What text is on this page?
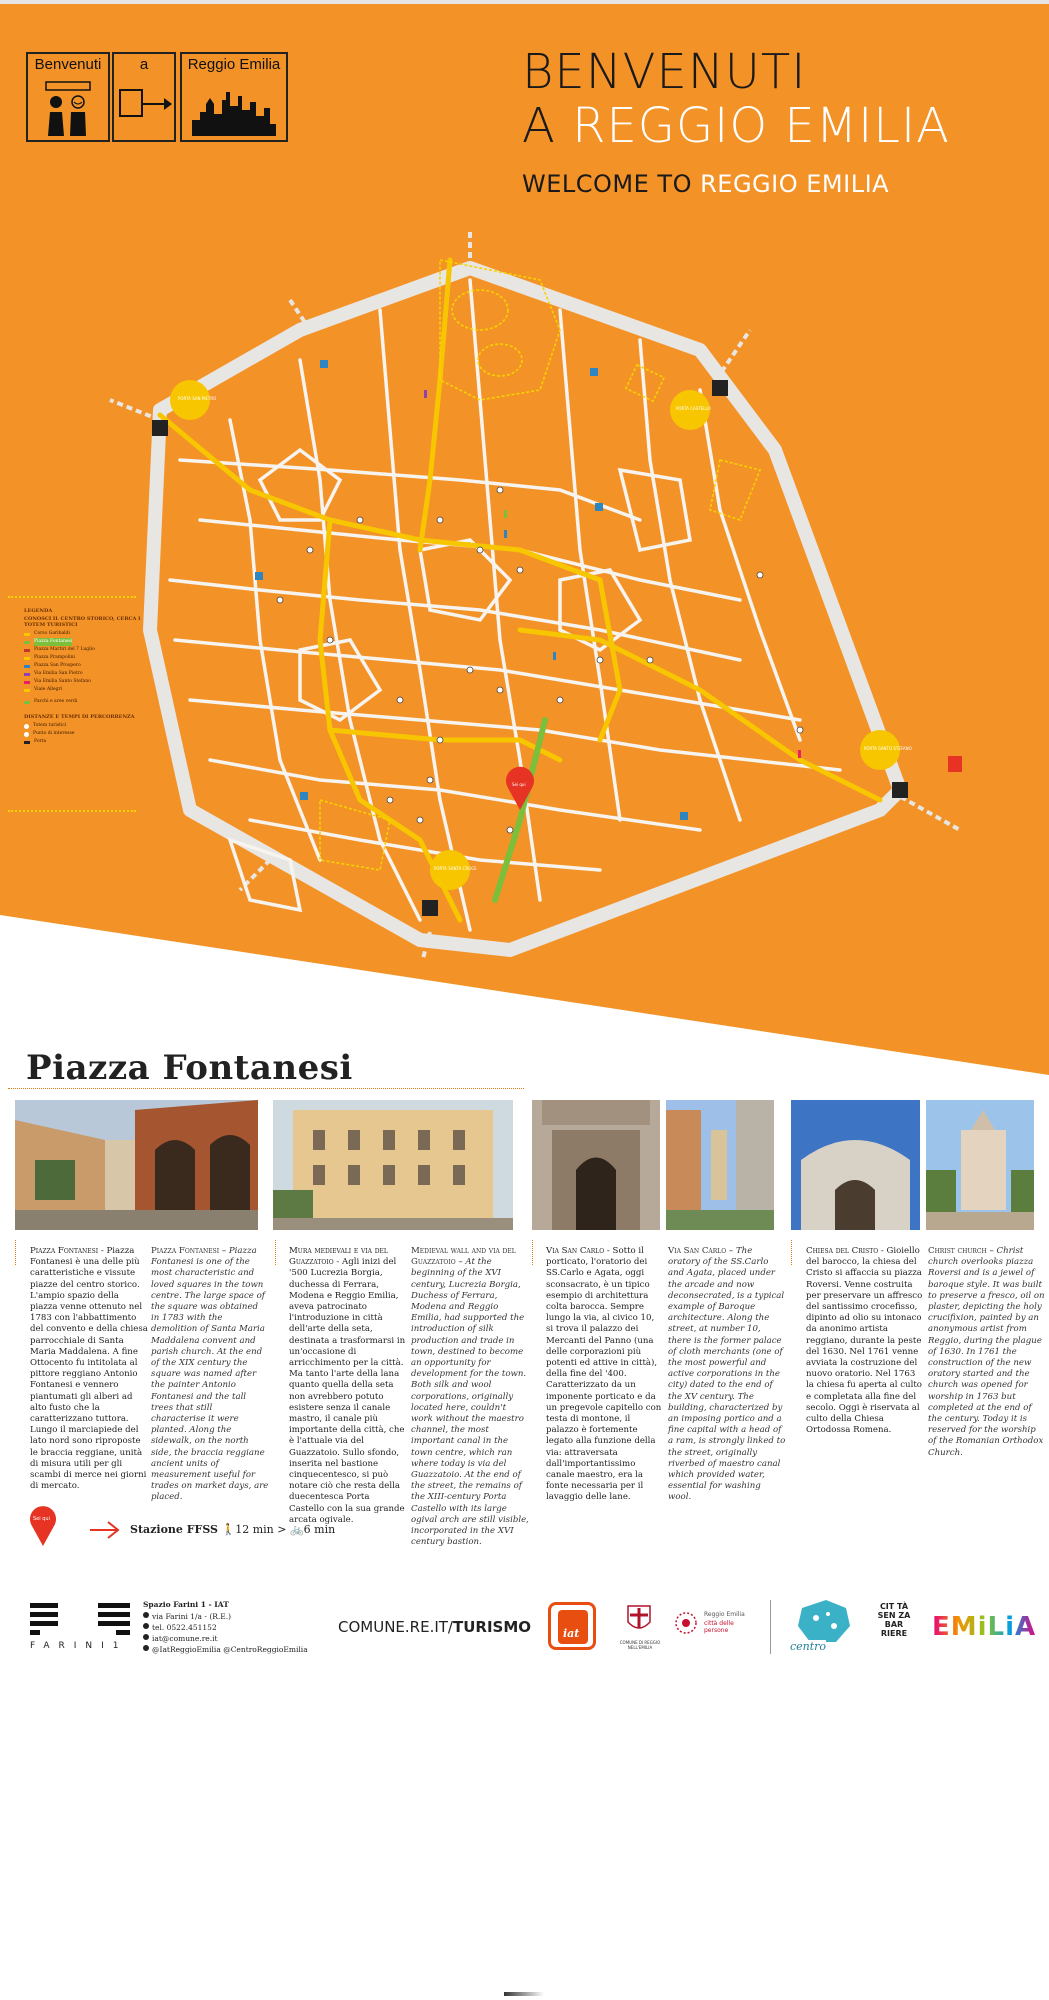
Benvenuti	a	Reggio Emilia	BENVENUTI
A REGGIO EMILIA
WELCOME TO REGGIO EMILIA
PORTA SAN PIETRO
PORTA CASTELLO
PORTA SANTO STEFANO
PORTA SANTA CROCE
Sei qui
LEGENDA
CONOSCI IL CENTRO STORICO, CERCA I TOTEM TURISTICI
Corso Garibaldi
Piazza Fontanesi
Piazza Martiri del 7 Luglio
Piazza Prampolini
Piazza San Prospero
Via Emilia San Pietro
Via Emilia Santo Stefano
Viale Allegri
Parchi e aree verdi
DISTANZE E TEMPI DI PERCORRENZA
Totem turistici
Punto di interesse
Porta
Piazza Fontanesi
Piazza Fontanesi - Piazza Fontanesi è una delle più caratteristiche e vissute piazze del centro storico. L'ampio spazio della piazza venne ottenuto nel 1783 con l'abbattimento del convento e della chiesa parrocchiale di Santa Maria Maddalena. A fine Ottocento fu intitolata al pittore reggiano Antonio Fontanesi e vennero piantumati gli alberi ad alto fusto che la caratterizzano tuttora. Lungo il marciapiede del lato nord sono riproposte le braccia reggiane, unità di misura utili per gli scambi di merce nei giorni di mercato.
Piazza Fontanesi – Piazza Fontanesi is one of the most characteristic and loved squares in the town centre. The large space of the square was obtained in 1783 with the demolition of Santa Maria Maddalena convent and parish church. At the end of the XIX century the square was named after the painter Antonio Fontanesi and the tall trees that still characterise it were planted. Along the sidewalk, on the north side, the braccia reggiane ancient units of measurement useful for trades on market days, are placed.
Mura medievali e via del Guazzatoio - Agli inizi del '500 Lucrezia Borgia, duchessa di Ferrara, Modena e Reggio Emilia, aveva patrocinato l'introduzione in città dell'arte della seta, destinata a trasformarsi in un'occasione di arricchimento per la città. Ma tanto l'arte della lana quanto quella della seta non avrebbero potuto esistere senza il canale mastro, il canale più importante della città, che è l'attuale via del Guazzatoio. Sullo sfondo, inserita nel bastione cinquecentesco, si può notare ciò che resta della duecentesca Porta Castello con la sua grande arcata ogivale.
Medieval wall and via del Guazzatoio – At the beginning of the XVI century, Lucrezia Borgia, Duchess of Ferrara, Modena and Reggio Emilia, had supported the introduction of silk production and trade in town, destined to become an opportunity for development for the town. Both silk and wool corporations, originally located here, couldn't work without the maestro channel, the most important canal in the town centre, which ran where today is via del Guazzatoio. At the end of the street, the remains of the XIII-century Porta Castello with its large ogival arch are still visible, incorporated in the XVI century bastion.
Via San Carlo - Sotto il porticato, l'oratorio dei SS.Carlo e Agata, oggi sconsacrato, è un tipico esempio di architettura colta barocca. Sempre lungo la via, al civico 10, si trova il palazzo dei Mercanti del Panno (una delle corporazioni più potenti ed attive in città), della fine del '400. Caratterizzato da un imponente porticato e da un pregevole capitello con testa di montone, il palazzo è fortemente legato alla funzione della via: attraversata dall'importantissimo canale maestro, era la fonte necessaria per il lavaggio delle lane.
Via San Carlo – The oratory of the SS.Carlo and Agata, placed under the arcade and now deconsecrated, is a typical example of Baroque architecture. Along the street, at number 10, there is the former palace of cloth merchants (one of the most powerful and active corporations in the city) dated to the end of the XV century. The building, characterized by an imposing portico and a fine capital with a head of a ram, is strongly linked to the street, originally riverbed of maestro canal which provided water, essential for washing wool.
Chiesa del Cristo - Gioiello del barocco, la chiesa del Cristo si affaccia su piazza Roversi. Venne costruita per preservare un affresco del santissimo crocefisso, dipinto ad olio su intonaco da anonimo artista reggiano, durante la peste del 1630. Nel 1761 venne avviata la costruzione del nuovo oratorio. Nel 1763 la chiesa fu aperta al culto e completata alla fine del secolo. Oggi è riservata al culto della Chiesa Ortodossa Romena.
Christ church – Christ church overlooks piazza Roversi and is a jewel of baroque style. It was built to preserve a fresco, oil on plaster, depicting the holy crucifixion, painted by an anonymous artist from Reggio, during the plague of 1630. In 1761 the construction of the new oratory started and the church was opened for worship in 1763 but completed at the end of the century. Today it is reserved for the worship of the Romanian Orthodox Church.
Sei qui
Stazione FFSS 🚶12 min > 🚲6 min
FARINI1
Spazio Farini 1 - IAT
via Farini 1/a - (R.E.)
tel. 0522.451152
iat@comune.re.it
@IatReggioEmilia @CentroReggioEmilia
COMUNE.RE.IT/TURISMO	iat
COMUNE DI REGGIO NELL'EMILIA
Reggio Emilia
città delle persone
centro
CIT TÀ SEN ZA BAR RIERE EMiLiA
